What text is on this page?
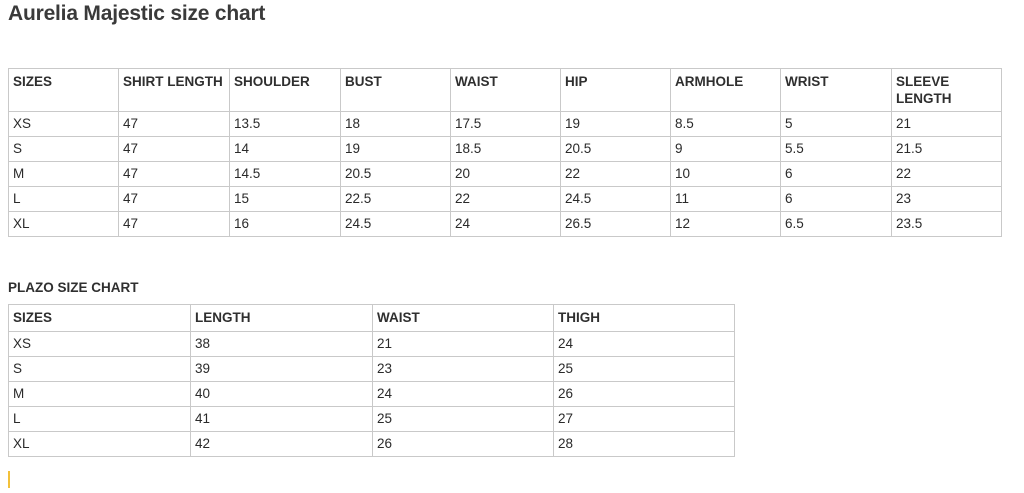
Aurelia Majestic size chart
SIZES	SHIRT LENGTH	SHOULDER	BUST	WAIST	HIP	ARMHOLE	WRIST	SLEEVE LENGTH
XS	47	13.5	18	17.5	19	8.5	5	21
S	47	14	19	18.5	20.5	9	5.5	21.5
M	47	14.5	20.5	20	22	10	6	22
L	47	15	22.5	22	24.5	11	6	23
XL	47	16	24.5	24	26.5	12	6.5	23.5
PLAZO SIZE CHART
SIZES	LENGTH	WAIST	THIGH
XS	38	21	24
S	39	23	25
M	40	24	26
L	41	25	27
XL	42	26	28
